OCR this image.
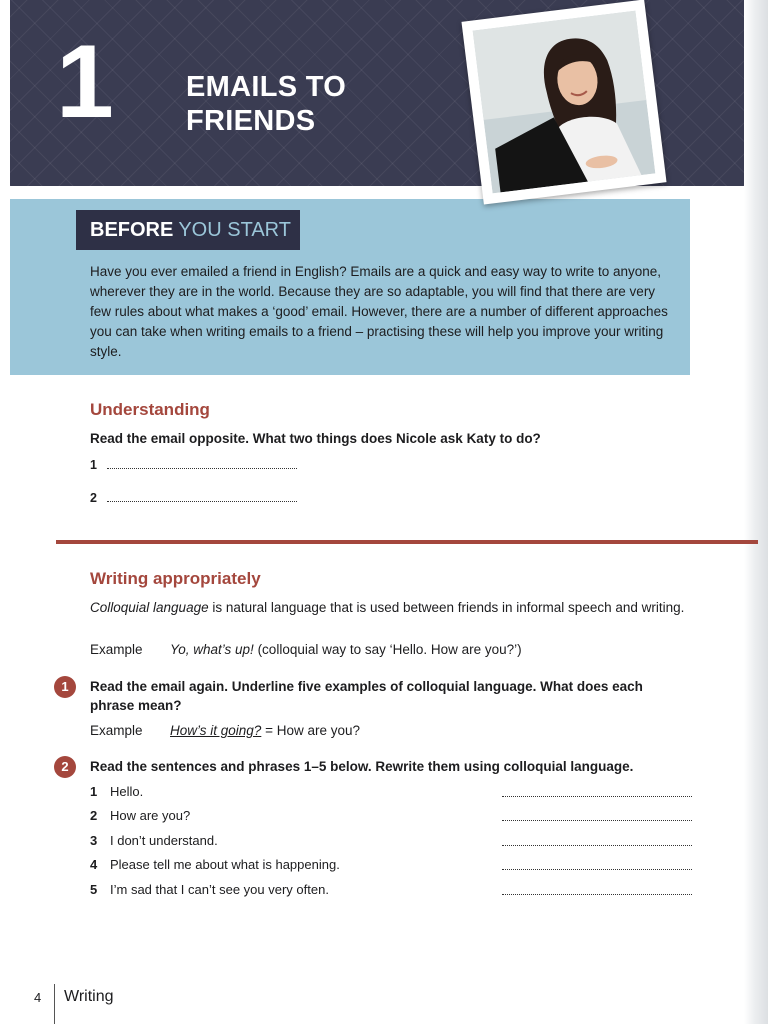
1 EMAILS TO
FRIENDS
BEFORE YOU START
Have you ever emailed a friend in English? Emails are a quick and easy way to write to anyone, wherever they are in the world. Because they are so adaptable, you will find that there are very few rules about what makes a ‘good’ email. However, there are a number of different approaches you can take when writing emails to a friend – practising these will help you improve your writing style.
Understanding
Read the email opposite. What two things does Nicole ask Katy to do?
1
2
Writing appropriately
Colloquial language is natural language that is used between friends in informal speech and writing.
Example Yo, what’s up! (colloquial way to say ‘Hello. How are you?’)
1	Read the email again. Underline five examples of colloquial language. What does each phrase mean?
Example How’s it going? = How are you?
2	Read the sentences and phrases 1–5 below. Rewrite them using colloquial language.
1 Hello.
2 How are you?
3 I don’t understand.
4 Please tell me about what is happening.
5 I’m sad that I can’t see you very often.
4 Writing
